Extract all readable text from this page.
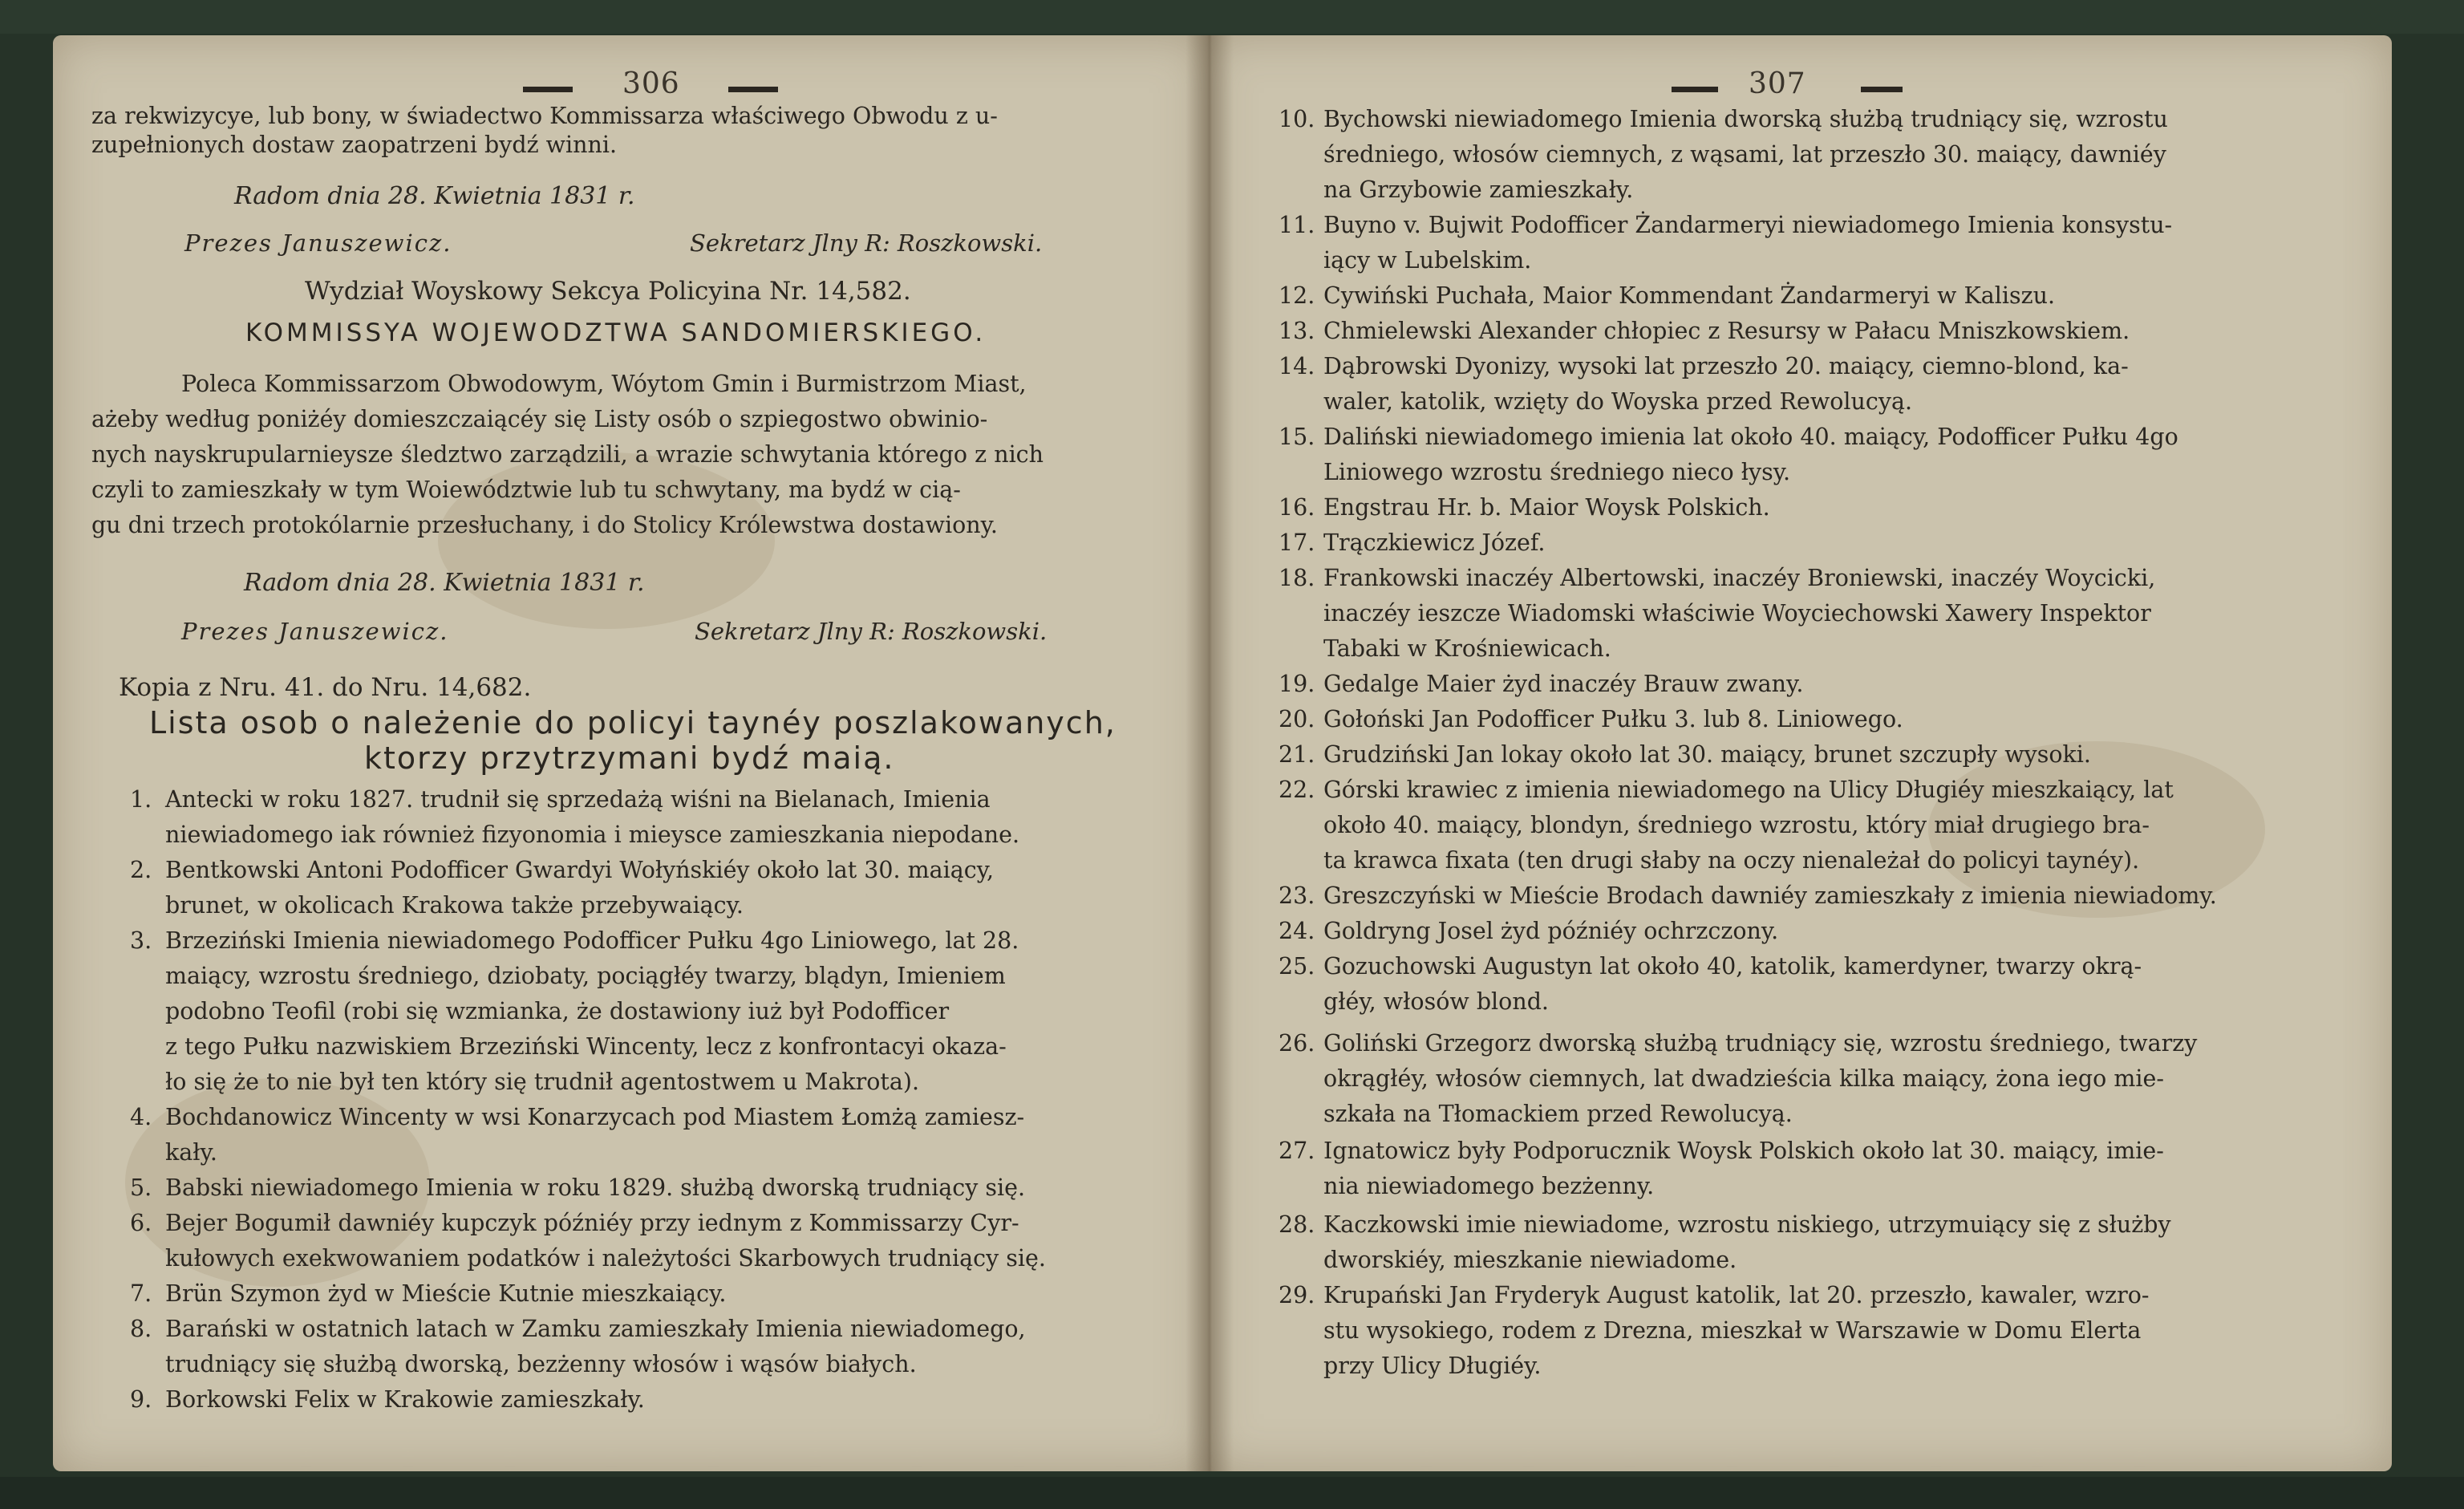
306
za rekwizycye, lub bony, w świadectwo Kommissarza właściwego Obwodu z u-
zupełnionych dostaw zaopatrzeni bydź winni.
Radom dnia 28. Kwietnia 1831 r.
Prezes Januszewicz.	Sekretarz Jlny R: Roszkowski.
Wydział Woyskowy Sekcya Policyina Nr. 14,582.
KOMMISSYA WOJEWODZTWA SANDOMIERSKIEGO.
Poleca Kommissarzom Obwodowym, Wóytom Gmin i Burmistrzom Miast,
ażeby według poniżéy domieszczaiącéy się Listy osób o szpiegostwo obwinio-
nych nayskrupularnieysze śledztwo zarządzili, a wrazie schwytania którego z nich
czyli to zamieszkały w tym Woiewództwie lub tu schwytany, ma bydź w cią-
gu dni trzech protokólarnie przesłuchany, i do Stolicy Królewstwa dostawiony.
Radom dnia 28. Kwietnia 1831 r.
Prezes Januszewicz.	Sekretarz Jlny R: Roszkowski.
Kopia z Nru. 41. do Nru. 14,682.
Lista osob o należenie do policyi taynéy poszlakowanych,
ktorzy przytrzymani bydź maią.
1. Antecki w roku 1827. trudnił się sprzedażą wiśni na Bielanach, Imienia
niewiadomego iak również fizyonomia i mieysce zamieszkania niepodane.
2. Bentkowski Antoni Podofficer Gwardyi Wołyńskiéy około lat 30. maiący,
brunet, w okolicach Krakowa także przebywaiący.
3. Brzeziński Imienia niewiadomego Podofficer Pułku 4go Liniowego, lat 28.
maiący, wzrostu średniego, dziobaty, pociągłéy twarzy, blądyn, Imieniem
podobno Teofil (robi się wzmianka, że dostawiony iuż był Podofficer
z tego Pułku nazwiskiem Brzeziński Wincenty, lecz z konfrontacyi okaza-
ło się że to nie był ten który się trudnił agentostwem u Makrota).
4. Bochdanowicz Wincenty w wsi Konarzycach pod Miastem Łomżą zamiesz-
kały.
5. Babski niewiadomego Imienia w roku 1829. służbą dworską trudniący się.
6. Bejer Bogumił dawniéy kupczyk późniéy przy iednym z Kommissarzy Cyr-
kułowych exekwowaniem podatków i należytości Skarbowych trudniący się.
7. Brün Szymon żyd w Mieście Kutnie mieszkaiący.
8. Barański w ostatnich latach w Zamku zamieszkały Imienia niewiadomego,
trudniący się służbą dworską, bezżenny włosów i wąsów białych.
9. Borkowski Felix w Krakowie zamieszkały.
307
10. Bychowski niewiadomego Imienia dworską służbą trudniący się, wzrostu
średniego, włosów ciemnych, z wąsami, lat przeszło 30. maiący, dawniéy
na Grzybowie zamieszkały.
11. Buyno v. Bujwit Podofficer Żandarmeryi niewiadomego Imienia konsystu-
iący w Lubelskim.
12. Cywiński Puchała, Maior Kommendant Żandarmeryi w Kaliszu.
13. Chmielewski Alexander chłopiec z Resursy w Pałacu Mniszkowskiem.
14. Dąbrowski Dyonizy, wysoki lat przeszło 20. maiący, ciemno-blond, ka-
waler, katolik, wzięty do Woyska przed Rewolucyą.
15. Daliński niewiadomego imienia lat około 40. maiący, Podofficer Pułku 4go
Liniowego wzrostu średniego nieco łysy.
16. Engstrau Hr. b. Maior Woysk Polskich.
17. Trączkiewicz Józef.
18. Frankowski inaczéy Albertowski, inaczéy Broniewski, inaczéy Woycicki,
inaczéy ieszcze Wiadomski właściwie Woyciechowski Xawery Inspektor
Tabaki w Krośniewicach.
19. Gedalge Maier żyd inaczéy Brauw zwany.
20. Gołoński Jan Podofficer Pułku 3. lub 8. Liniowego.
21. Grudziński Jan lokay około lat 30. maiący, brunet szczupły wysoki.
22. Górski krawiec z imienia niewiadomego na Ulicy Długiéy mieszkaiący, lat
około 40. maiący, blondyn, średniego wzrostu, który miał drugiego bra-
ta krawca fixata (ten drugi słaby na oczy nienależał do policyi taynéy).
23. Greszczyński w Mieście Brodach dawniéy zamieszkały z imienia niewiadomy.
24. Goldryng Josel żyd późniéy ochrzczony.
25. Gozuchowski Augustyn lat około 40, katolik, kamerdyner, twarzy okrą-
głéy, włosów blond.
26. Goliński Grzegorz dworską służbą trudniący się, wzrostu średniego, twarzy
okrągłéy, włosów ciemnych, lat dwadzieścia kilka maiący, żona iego mie-
szkała na Tłomackiem przed Rewolucyą.
27. Ignatowicz były Podporucznik Woysk Polskich około lat 30. maiący, imie-
nia niewiadomego bezżenny.
28. Kaczkowski imie niewiadome, wzrostu niskiego, utrzymuiący się z służby
dworskiéy, mieszkanie niewiadome.
29. Krupański Jan Fryderyk August katolik, lat 20. przeszło, kawaler, wzro-
stu wysokiego, rodem z Drezna, mieszkał w Warszawie w Domu Elerta
przy Ulicy Długiéy.
